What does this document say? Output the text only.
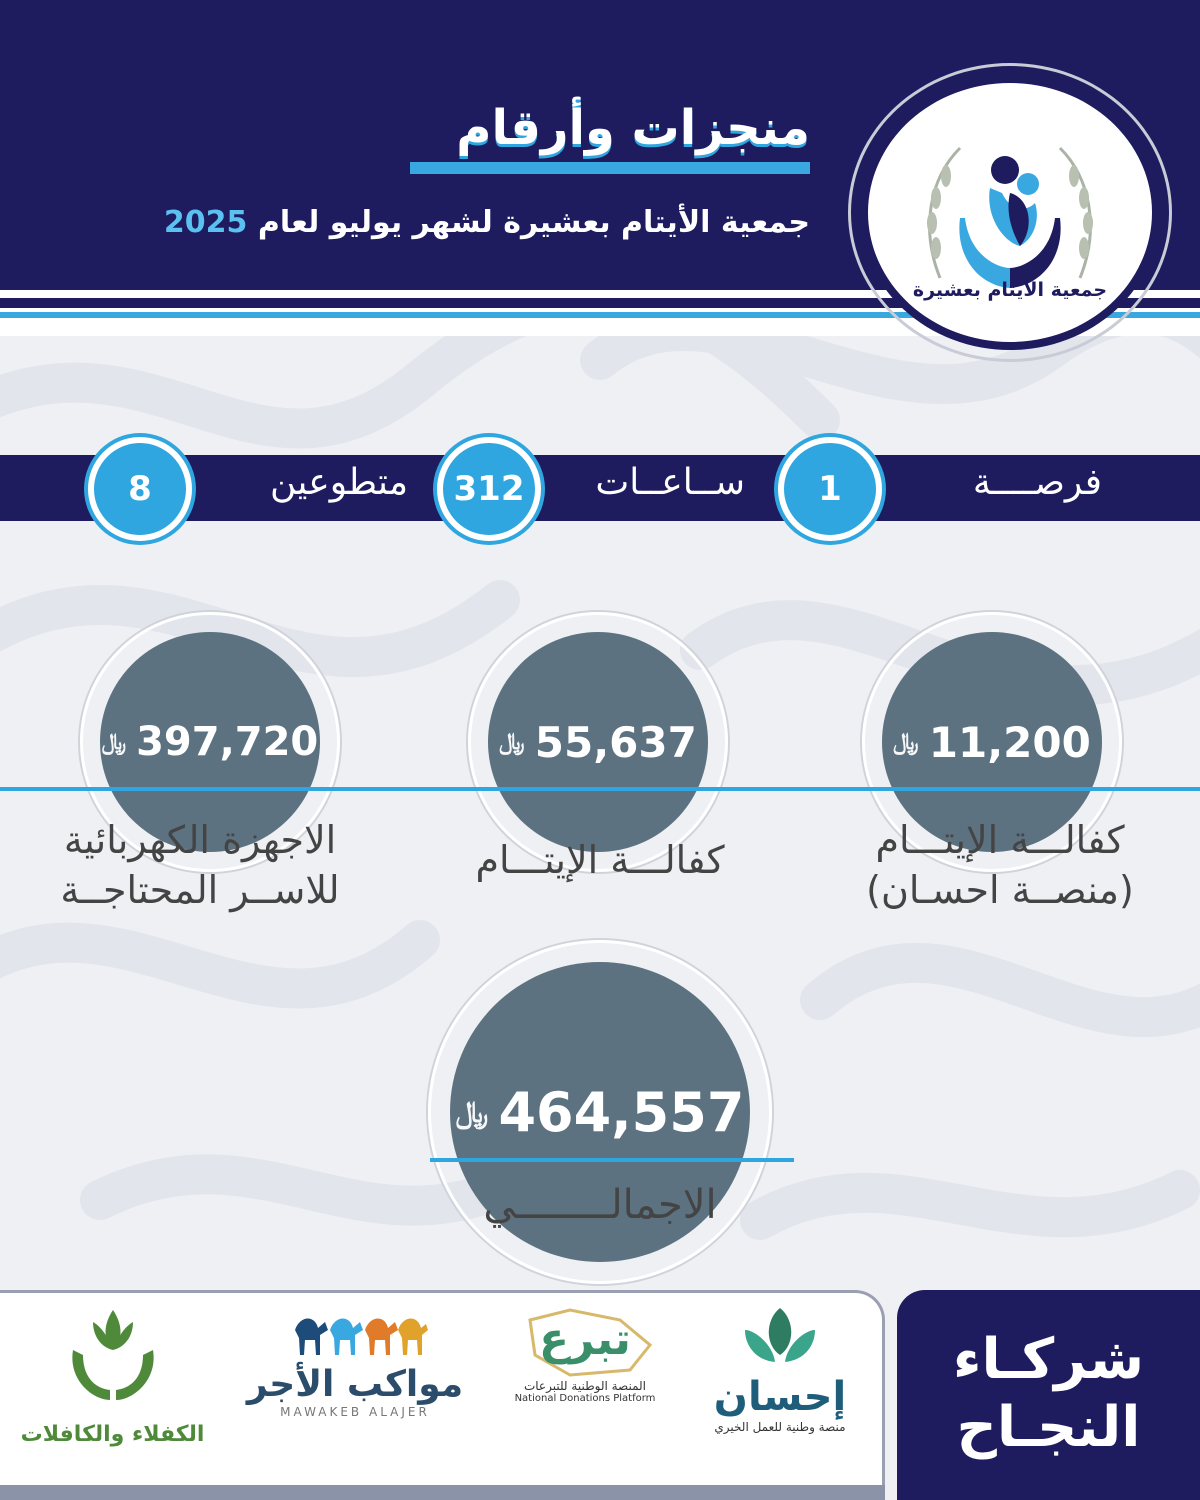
منجزات وأرقام
جمعية الأيتام بعشيرة لشهر يوليو لعام 2025
جمعية الأيتام بعشيرة
1	فرصــــة
312	ســاعــات
8	متطوعين
﷼ 11,200
كفالـــة الإيتـــام
(منصــة احسـان)
﷼ 55,637
كفالـــة الإيتـــام
﷼ 397,720
الاجهزة الكهربائية
للاســر المحتاجــة
﷼ 464,557
الاجمالــــــــي
شركـاء
النجـاح
إحسان
منصة وطنية للعمل الخيري
تبرع
المنصة الوطنية للتبرعات
National Donations Platform
مواكب الأجر
MAWAKEB ALAJER
الكفلاء والكافلات
